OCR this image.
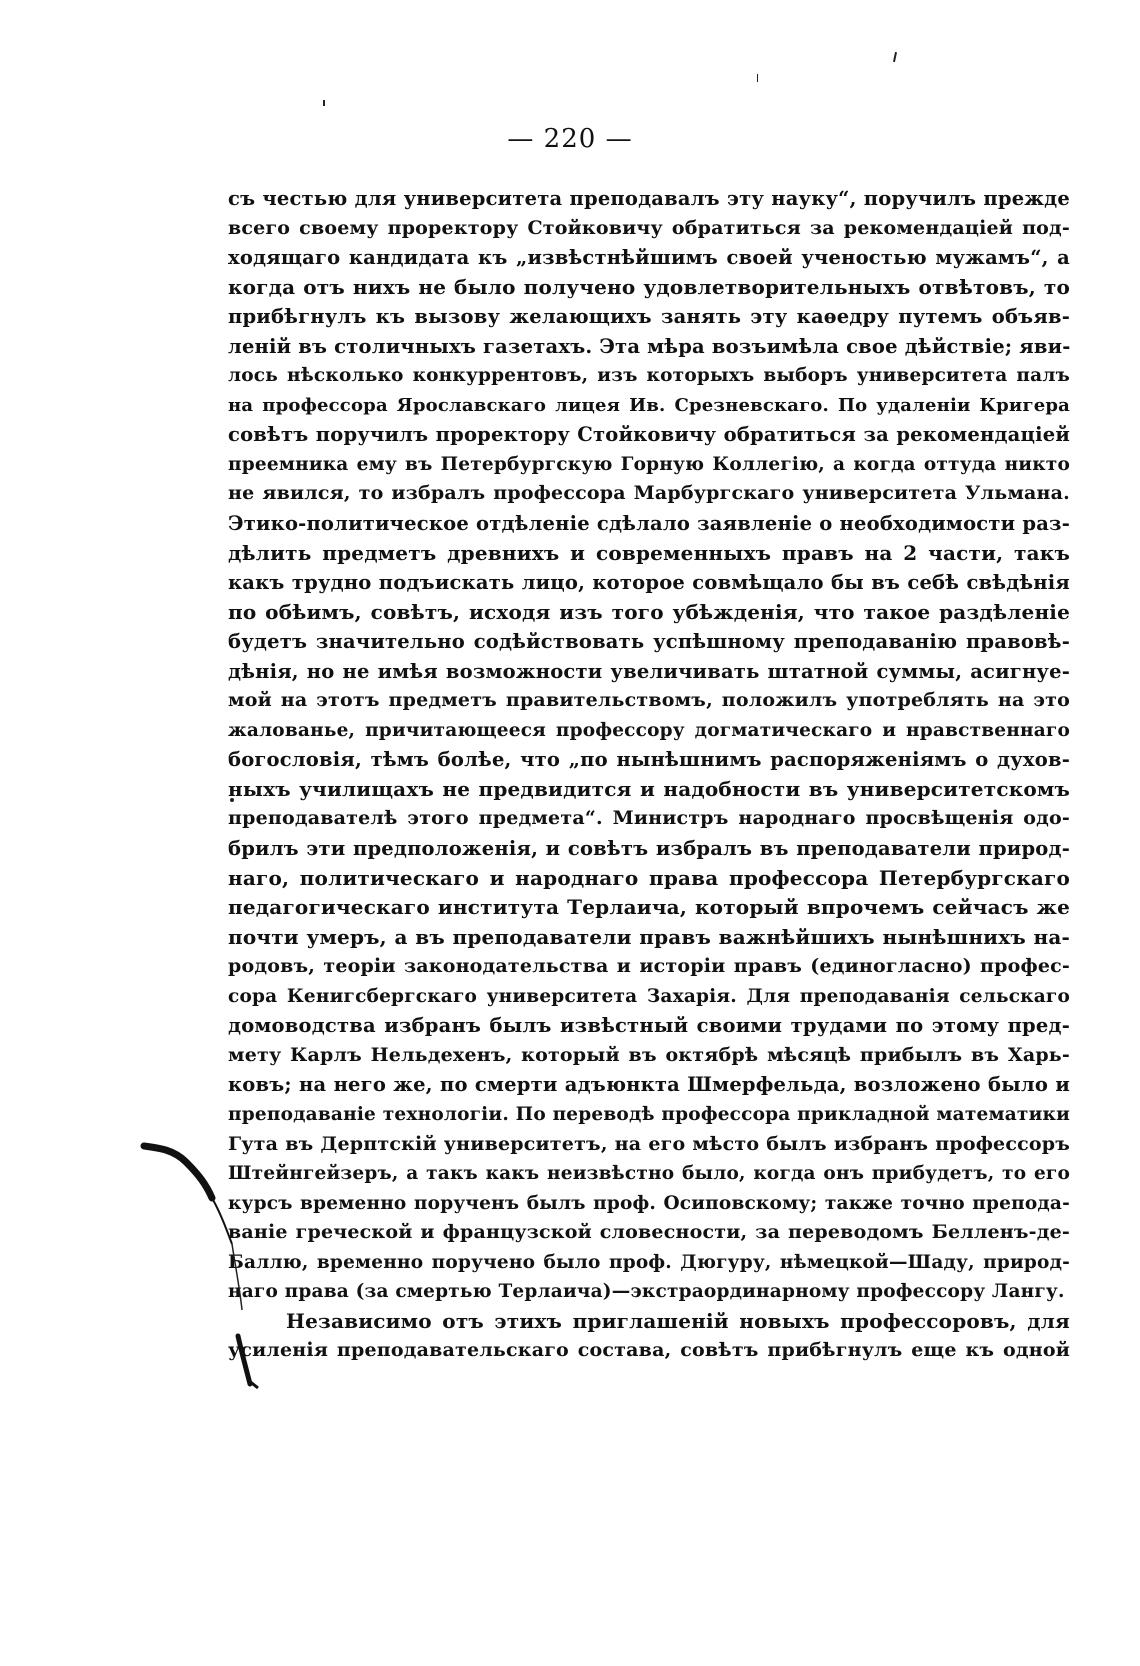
— 220 —
съ честью для университета преподавалъ эту науку“, поручилъ прежде
всего своему проректору Стойковичу обратиться за рекомендаціей под-
ходящаго кандидата къ „извѣстнѣйшимъ своей ученостью мужамъ“, а
когда отъ нихъ не было получено удовлетворительныхъ отвѣтовъ, то
прибѣгнулъ къ вызову желающихъ занять эту каѳедру путемъ объяв-
леній въ столичныхъ газетахъ. Эта мѣра возъимѣла свое дѣйствіе; яви-
лось нѣсколько конкуррентовъ, изъ которыхъ выборъ университета палъ
на профессора Ярославскаго лицея Ив. Срезневскаго. По удаленіи Кригера
совѣтъ поручилъ проректору Стойковичу обратиться за рекомендаціей
преемника ему въ Петербургскую Горную Коллегію, а когда оттуда никто
не явился, то избралъ профессора Марбургскаго университета Ульмана.
Этико-политическое отдѣленіе сдѣлало заявленіе о необходимости раз-
дѣлить предметъ древнихъ и современныхъ правъ на 2 части, такъ
какъ трудно подъискать лицо, которое совмѣщало бы въ себѣ свѣдѣнія
по обѣимъ, совѣтъ, исходя изъ того убѣжденія, что такое раздѣленіе
будетъ значительно содѣйствовать успѣшному преподаванію правовѣ-
дѣнія, но не имѣя возможности увеличивать штатной суммы, асигнуе-
мой на этотъ предметъ правительствомъ, положилъ употреблять на это
жалованье, причитающееся профессору догматическаго и нравственнаго
богословія, тѣмъ болѣе, что „по нынѣшнимъ распоряженіямъ о духов-
ныхъ училищахъ не предвидится и надобности въ университетскомъ
преподавателѣ этого предмета“. Министръ народнаго просвѣщенія одо-
брилъ эти предположенія, и совѣтъ избралъ въ преподаватели природ-
наго, политическаго и народнаго права профессора Петербургскаго
педагогическаго института Терлаича, который впрочемъ сейчасъ же
почти умеръ, а въ преподаватели правъ важнѣйшихъ нынѣшнихъ на-
родовъ, теоріи законодательства и исторіи правъ (единогласно) профес-
сора Кенигсбергскаго университета Захарія. Для преподаванія сельскаго
домоводства избранъ былъ извѣстный своими трудами по этому пред-
мету Карлъ Нельдехенъ, который въ октябрѣ мѣсяцѣ прибылъ въ Харь-
ковъ; на него же, по смерти адъюнкта Шмерфельда, возложено было и
преподаваніе технологіи. По переводѣ профессора прикладной математики
Гута въ Дерптскій университетъ, на его мѣсто былъ избранъ профессоръ
Штейнгейзеръ, а такъ какъ неизвѣстно было, когда онъ прибудетъ, то его
курсъ временно порученъ былъ проф. Осиповскому; также точно препода-
ваніе греческой и французской словесности, за переводомъ Белленъ-де-
Баллю, временно поручено было проф. Дюгуру, нѣмецкой—Шаду, природ-
наго права (за смертью Терлаича)—экстраординарному профессору Лангу.
Независимо отъ этихъ приглашеній новыхъ профессоровъ, для
усиленія преподавательскаго состава, совѣтъ прибѣгнулъ еще къ одной
